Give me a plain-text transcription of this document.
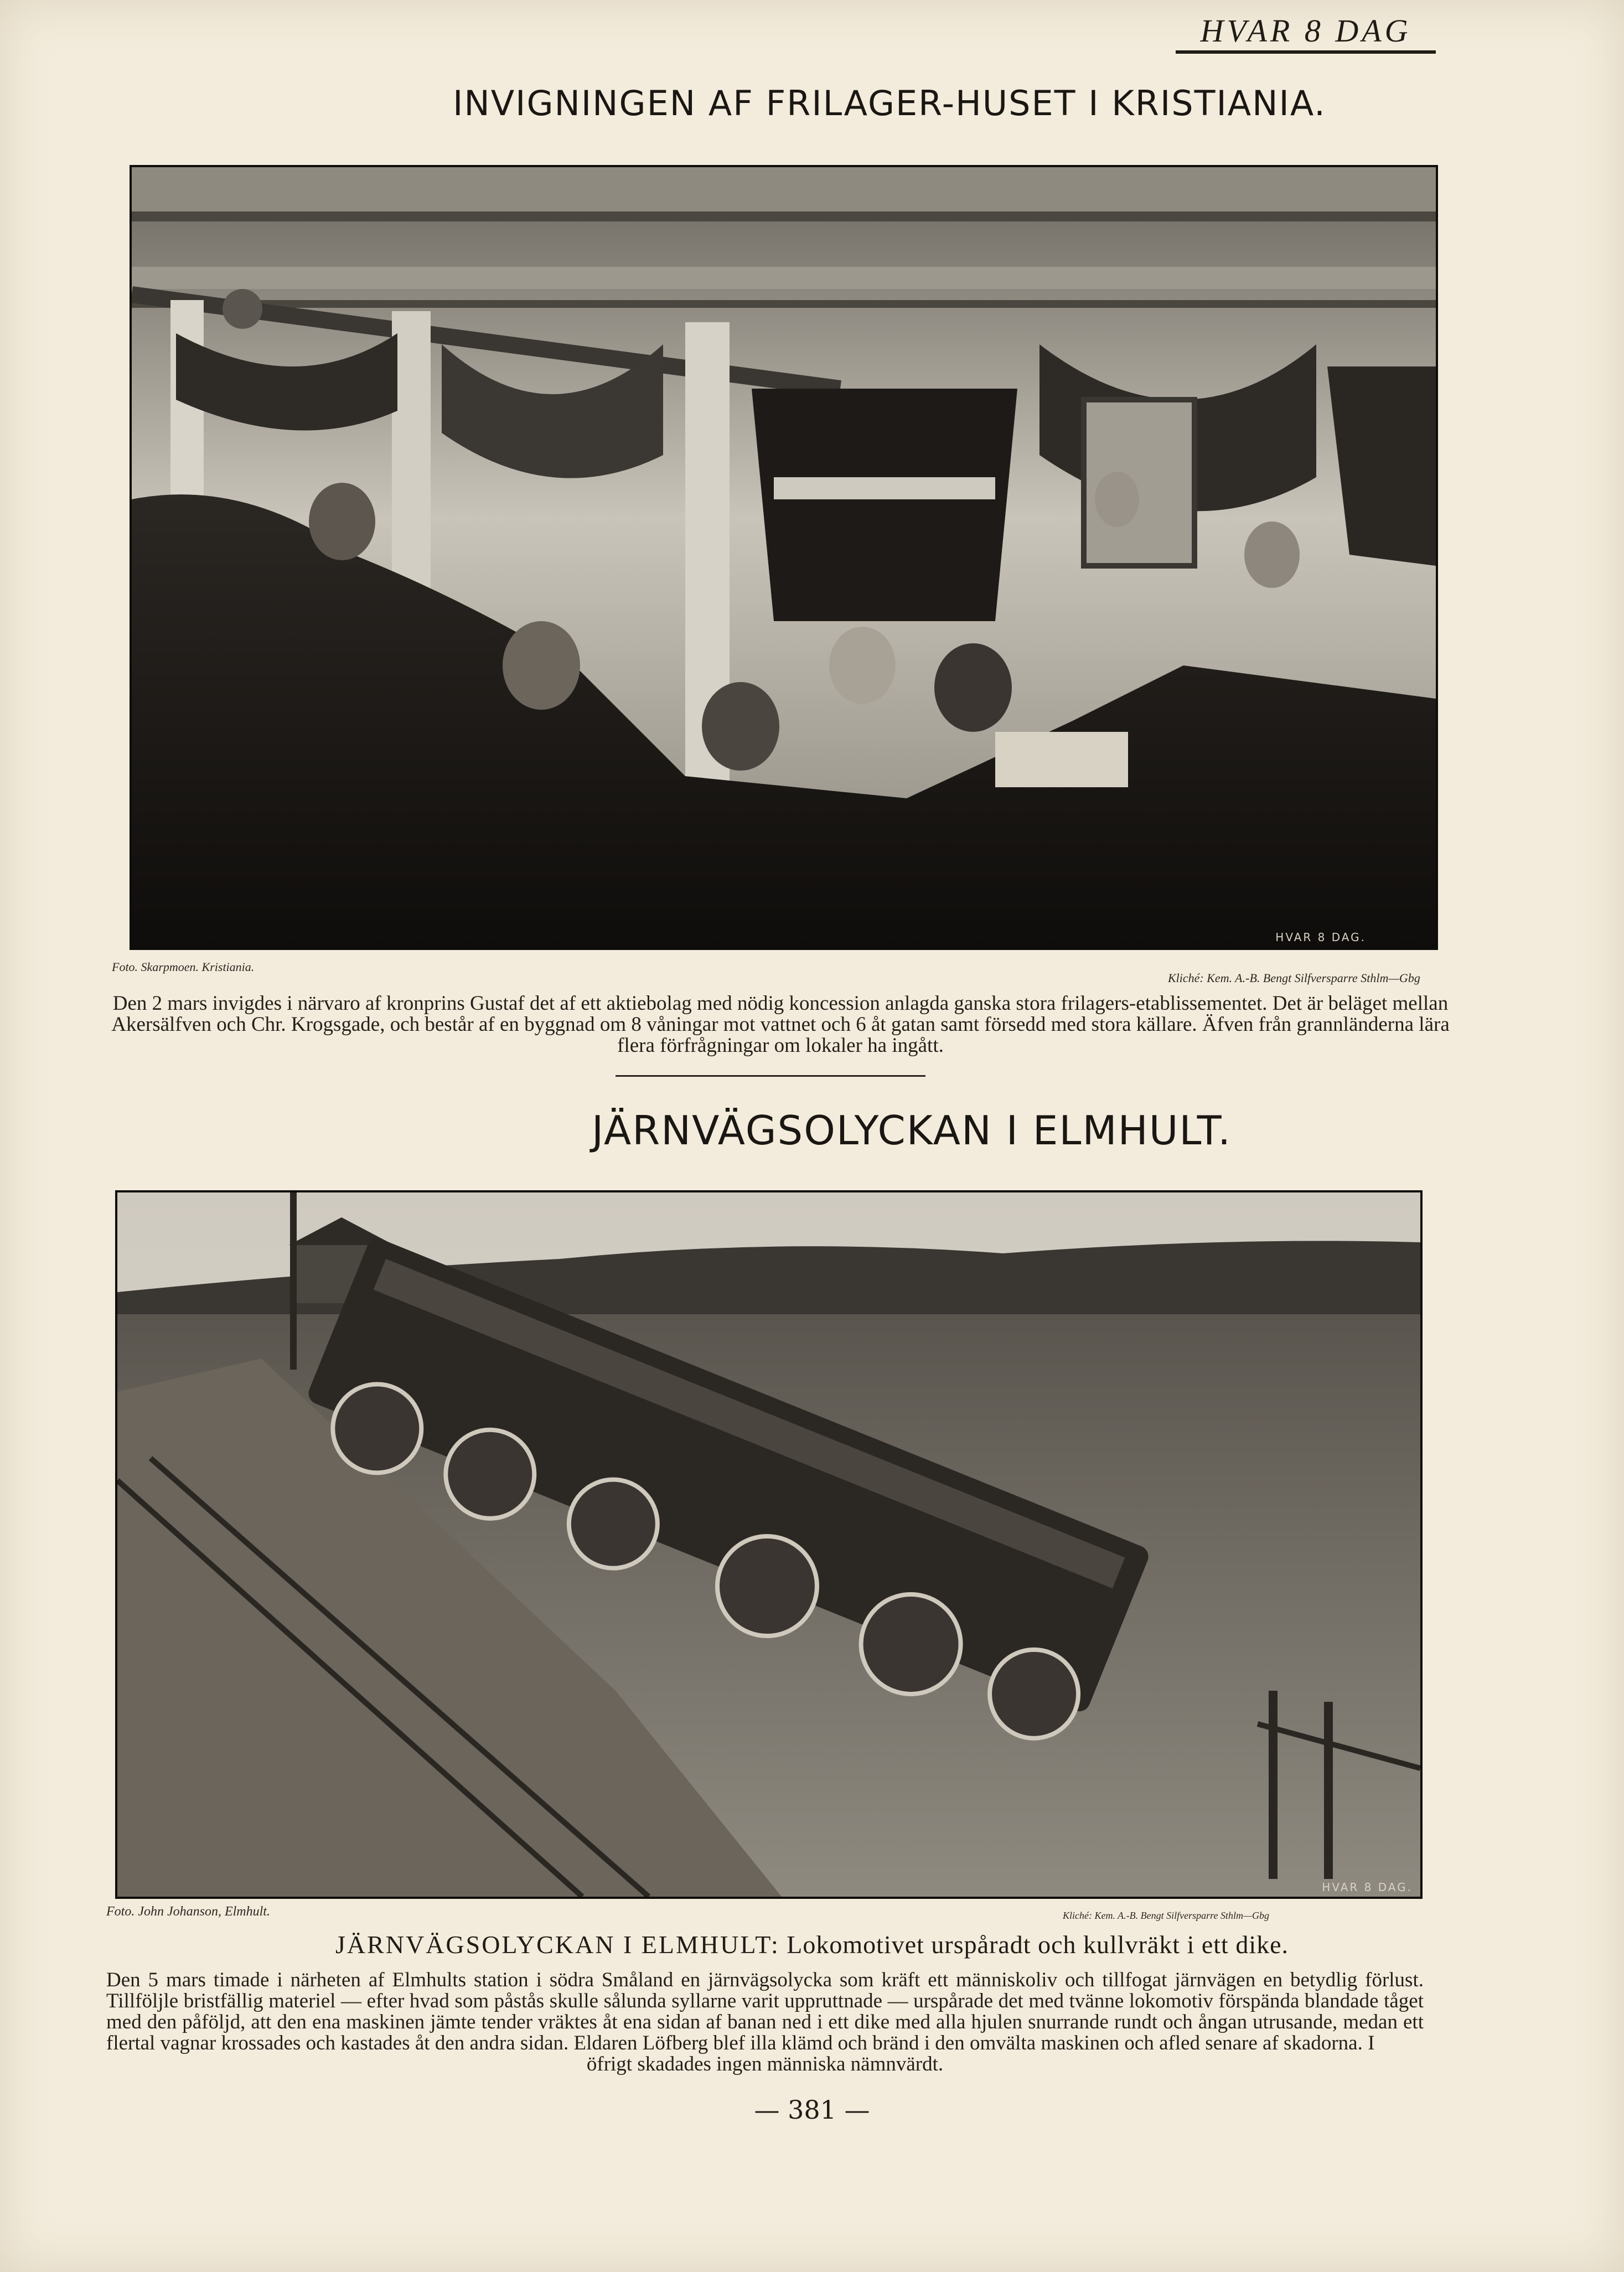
HVAR 8 DAG
INVIGNINGEN AF FRILAGER-HUSET I KRISTIANIA.
HVAR 8 DAG.
Foto. Skarpmoen. Kristiania.
Kliché: Kem. A.-B. Bengt Silfversparre Sthlm—Gbg
Den 2 mars invigdes i närvaro af kronprins Gustaf det af ett aktiebolag med nödig koncession anlagda ganska stora frilagers-etablissementet. Det är beläget mellan Akersälfven och Chr. Krogsgade, och består af en byggnad om 8 våningar mot vattnet och 6 åt gatan samt försedd med stora källare. Äfven från grannländerna lära flera förfrågningar om lokaler ha ingått.
JÄRNVÄGSOLYCKAN I ELMHULT.
HVAR 8 DAG.
Foto. John Johanson, Elmhult.	Kliché: Kem. A.-B. Bengt Silfversparre Sthlm—Gbg
JÄRNVÄGSOLYCKAN I ELMHULT: Lokomotivet urspåradt och kullvräkt i ett dike.
Den 5 mars timade i närheten af Elmhults station i södra Småland en järnvägsolycka som kräft ett människoliv och tillfogat järnvägen en betydlig förlust. Tillföljle bristfällig materiel — efter hvad som påstås skulle sålunda syllarne varit uppruttnade — urspårade det med tvänne lokomotiv förspända blandade tåget med den påföljd, att den ena maskinen jämte tender vräktes åt ena sidan af banan ned i ett dike med alla hjulen snurrande rundt och ångan utrusande, medan ett flertal vagnar krossades och kastades åt den andra sidan. Eldaren Löfberg blef illa klämd och bränd i den omvälta maskinen och afled senare af skadorna. I
öfrigt skadades ingen människa nämnvärdt.
— 381 —
